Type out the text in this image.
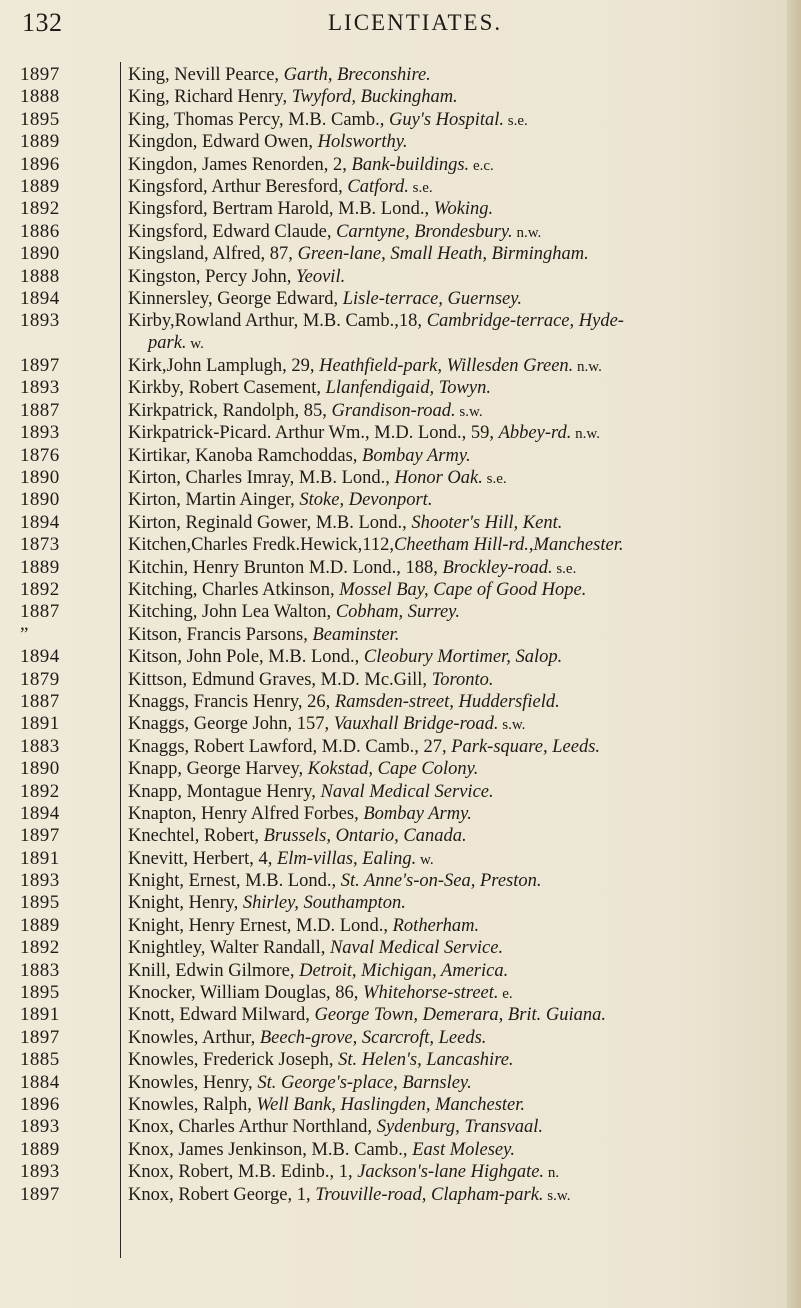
132	LICENTIATES.
1897	King, Nevill Pearce, Garth, Breconshire.
1888	King, Richard Henry, Twyford, Buckingham.
1895	King, Thomas Percy, M.B. Camb., Guy's Hospital. s.e.
1889	Kingdon, Edward Owen, Holsworthy.
1896	Kingdon, James Renorden, 2, Bank-buildings. e.c.
1889	Kingsford, Arthur Beresford, Catford. s.e.
1892	Kingsford, Bertram Harold, M.B. Lond., Woking.
1886	Kingsford, Edward Claude, Carntyne, Brondesbury. n.w.
1890	Kingsland, Alfred, 87, Green-lane, Small Heath, Birmingham.
1888	Kingston, Percy John, Yeovil.
1894	Kinnersley, George Edward, Lisle-terrace, Guernsey.
1893	Kirby,Rowland Arthur, M.B. Camb.,18, Cambridge-terrace, Hyde-
park. w.
1897	Kirk,John Lamplugh, 29, Heathfield-park, Willesden Green. n.w.
1893	Kirkby, Robert Casement, Llanfendigaid, Towyn.
1887	Kirkpatrick, Randolph, 85, Grandison-road. s.w.
1893	Kirkpatrick-Picard. Arthur Wm., M.D. Lond., 59, Abbey-rd. n.w.
1876	Kirtikar, Kanoba Ramchoddas, Bombay Army.
1890	Kirton, Charles Imray, M.B. Lond., Honor Oak. s.e.
1890	Kirton, Martin Ainger, Stoke, Devonport.
1894	Kirton, Reginald Gower, M.B. Lond., Shooter's Hill, Kent.
1873	Kitchen,Charles Fredk.Hewick,112,Cheetham Hill-rd.,Manchester.
1889	Kitchin, Henry Brunton M.D. Lond., 188, Brockley-road. s.e.
1892	Kitching, Charles Atkinson, Mossel Bay, Cape of Good Hope.
1887	Kitching, John Lea Walton, Cobham, Surrey.
”	Kitson, Francis Parsons, Beaminster.
1894	Kitson, John Pole, M.B. Lond., Cleobury Mortimer, Salop.
1879	Kittson, Edmund Graves, M.D. Mc.Gill, Toronto.
1887	Knaggs, Francis Henry, 26, Ramsden-street, Huddersfield.
1891	Knaggs, George John, 157, Vauxhall Bridge-road. s.w.
1883	Knaggs, Robert Lawford, M.D. Camb., 27, Park-square, Leeds.
1890	Knapp, George Harvey, Kokstad, Cape Colony.
1892	Knapp, Montague Henry, Naval Medical Service.
1894	Knapton, Henry Alfred Forbes, Bombay Army.
1897	Knechtel, Robert, Brussels, Ontario, Canada.
1891	Knevitt, Herbert, 4, Elm-villas, Ealing. w.
1893	Knight, Ernest, M.B. Lond., St. Anne's-on-Sea, Preston.
1895	Knight, Henry, Shirley, Southampton.
1889	Knight, Henry Ernest, M.D. Lond., Rotherham.
1892	Knightley, Walter Randall, Naval Medical Service.
1883	Knill, Edwin Gilmore, Detroit, Michigan, America.
1895	Knocker, William Douglas, 86, Whitehorse-street. e.
1891	Knott, Edward Milward, George Town, Demerara, Brit. Guiana.
1897	Knowles, Arthur, Beech-grove, Scarcroft, Leeds.
1885	Knowles, Frederick Joseph, St. Helen's, Lancashire.
1884	Knowles, Henry, St. George's-place, Barnsley.
1896	Knowles, Ralph, Well Bank, Haslingden, Manchester.
1893	Knox, Charles Arthur Northland, Sydenburg, Transvaal.
1889	Knox, James Jenkinson, M.B. Camb., East Molesey.
1893	Knox, Robert, M.B. Edinb., 1, Jackson's-lane Highgate. n.
1897	Knox, Robert George, 1, Trouville-road, Clapham-park. s.w.
